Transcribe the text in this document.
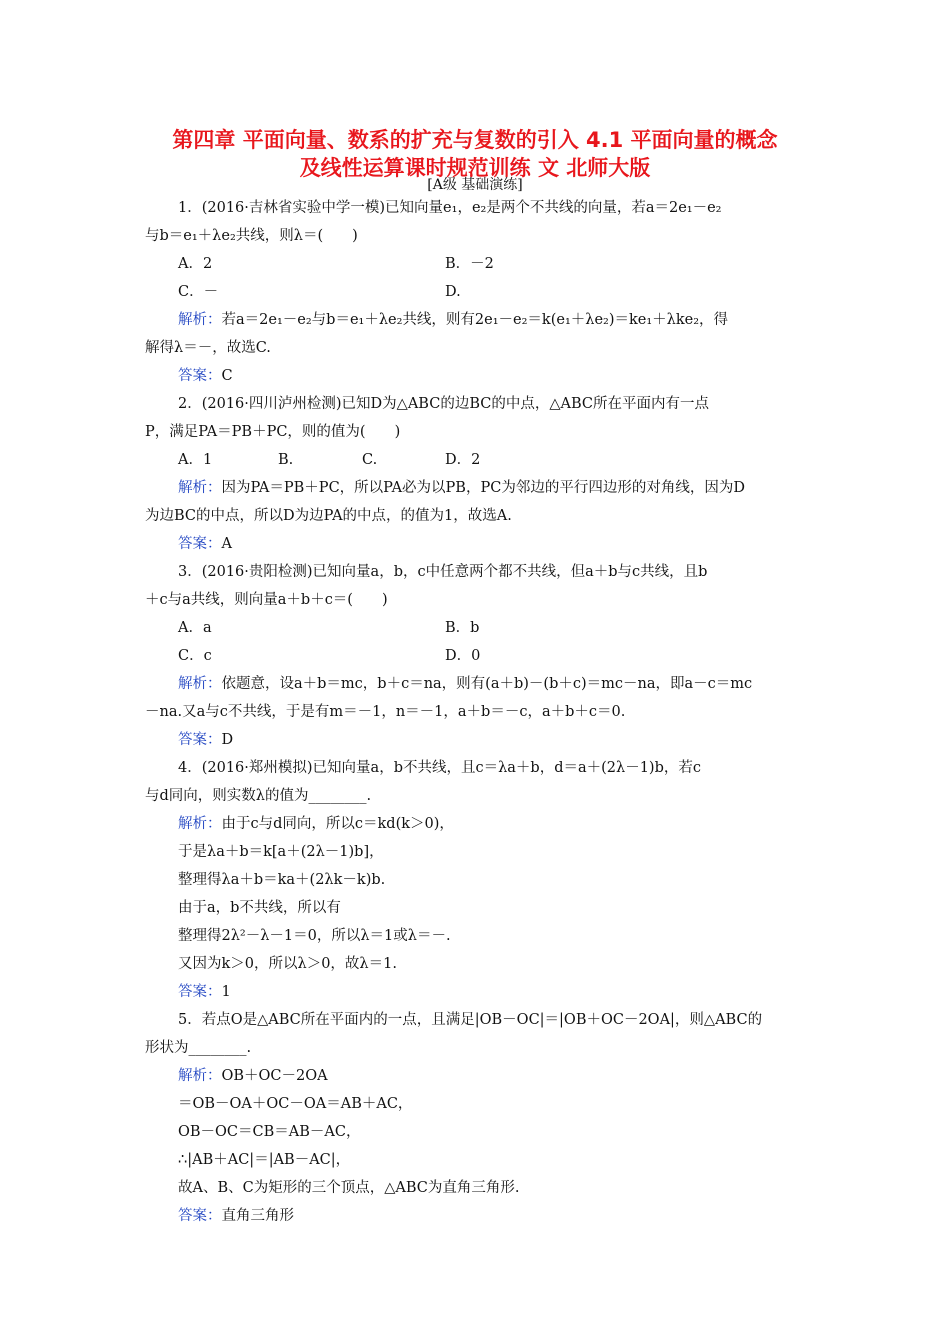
第四章 平面向量、数系的扩充与复数的引入 4.1 平面向量的概念
及线性运算课时规范训练 文 北师大版
[A级 基础演练]
1．(2016·吉林省实验中学一模)已知向量e₁，e₂是两个不共线的向量，若a＝2e₁－e₂
与b＝e₁＋λe₂共线，则λ＝(　　)
A．2	B．－2
C．－	D.
解析：若a＝2e₁－e₂与b＝e₁＋λe₂共线，则有2e₁－e₂＝k(e₁＋λe₂)＝ke₁＋λke₂，得
解得λ＝－，故选C.
答案：C
2．(2016·四川泸州检测)已知D为△ABC的边BC的中点，△ABC所在平面内有一点
P，满足PA＝PB＋PC，则的值为(　　)
A．1	B.	C.	D．2
解析：因为PA＝PB＋PC，所以PA必为以PB，PC为邻边的平行四边形的对角线，因为D
为边BC的中点，所以D为边PA的中点，的值为1，故选A.
答案：A
3．(2016·贵阳检测)已知向量a，b，c中任意两个都不共线，但a＋b与c共线，且b
＋c与a共线，则向量a＋b＋c＝(　　)
A．a	B．b
C．c	D．0
解析：依题意，设a＋b＝mc，b＋c＝na，则有(a＋b)－(b＋c)＝mc－na，即a－c＝mc
－na.又a与c不共线，于是有m＝－1，n＝－1，a＋b＝－c，a＋b＋c＝0.
答案：D
4．(2016·郑州模拟)已知向量a，b不共线，且c＝λa＋b，d＝a＋(2λ－1)b，若c
与d同向，则实数λ的值为________.
解析：由于c与d同向，所以c＝kd(k＞0)，
于是λa＋b＝k[a＋(2λ－1)b]，
整理得λa＋b＝ka＋(2λk－k)b.
由于a，b不共线，所以有
整理得2λ²－λ－1＝0，所以λ＝1或λ＝－.
又因为k＞0，所以λ＞0，故λ＝1.
答案：1
5．若点O是△ABC所在平面内的一点，且满足|OB－OC|＝|OB＋OC－2OA|，则△ABC的
形状为________.
解析：OB＋OC－2OA
＝OB－OA＋OC－OA＝AB＋AC，
OB－OC＝CB＝AB－AC，
∴|AB＋AC|＝|AB－AC|，
故A、B、C为矩形的三个顶点，△ABC为直角三角形.
答案：直角三角形
